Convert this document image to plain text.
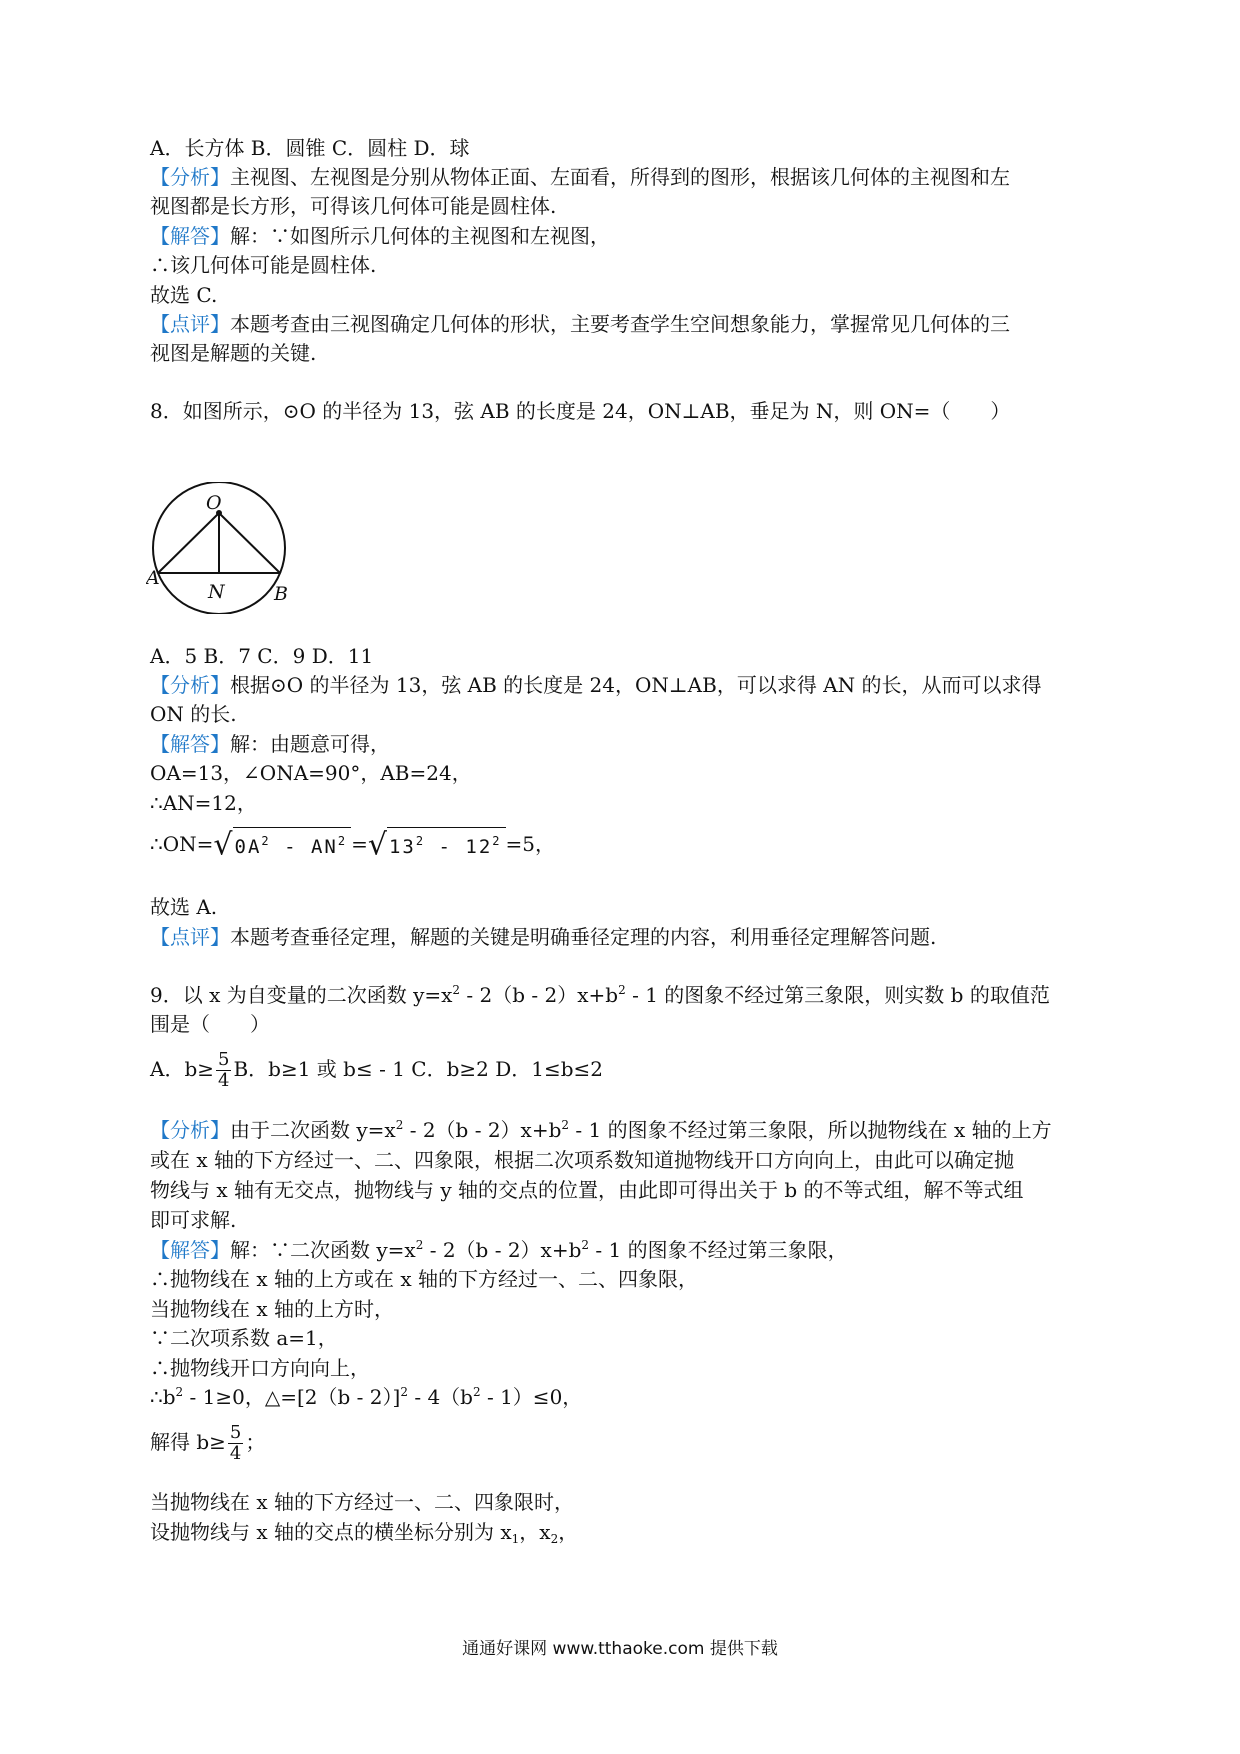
A．长方体 B．圆锥 C．圆柱 D．球
【分析】主视图、左视图是分别从物体正面、左面看，所得到的图形，根据该几何体的主视图和左
视图都是长方形，可得该几何体可能是圆柱体.
【解答】解：∵如图所示几何体的主视图和左视图，
∴该几何体可能是圆柱体.
故选 C.
【点评】本题考查由三视图确定几何体的形状，主要考查学生空间想象能力，掌握常见几何体的三
视图是解题的关键.
8．如图所示，⊙O 的半径为 13，弦 AB 的长度是 24，ON⊥AB，垂足为 N，则 ON=（　　）
O
A
N	B
A．5 B．7 C．9 D．11
【分析】根据⊙O 的半径为 13，弦 AB 的长度是 24，ON⊥AB，可以求得 AN 的长，从而可以求得
ON 的长.
【解答】解：由题意可得，
OA=13，∠ONA=90°，AB=24，
∴AN=12，
∴ON=√ $0A^2 - AN^2$ =√ $13^2 - 12^2 =5$，
故选 A.
【点评】本题考查垂径定理，解题的关键是明确垂径定理的内容，利用垂径定理解答问题.
9．以 x 为自变量的二次函数 $y=x^2 - 2(b - 2)x+b^2 - 1$ 的图象不经过第三象限，则实数 b 的取值范
围是（　　）
A．$b\ge \frac{5}{4}$ B．b≥1 或 b≤ - 1 C．b≥2 D．1≤b≤2
【分析】由于二次函数 $y=x^2 - 2(b - 2)x+b^2 - 1$ 的图象不经过第三象限，所以抛物线在 x 轴的上方
或在 x 轴的下方经过一、二、四象限，根据二次项系数知道抛物线开口方向向上，由此可以确定抛
物线与 x 轴有无交点，抛物线与 y 轴的交点的位置，由此即可得出关于 b 的不等式组，解不等式组
即可求解.
【解答】解：∵二次函数 $y=x^2 - 2(b - 2)x+b^2 - 1$ 的图象不经过第三象限，
∴抛物线在 x 轴的上方或在 x 轴的下方经过一、二、四象限，
当抛物线在 x 轴的上方时，
∵二次项系数 a=1，
∴抛物线开口方向向上，
$\therefore b^2 - 1\ge 0$，△=[2（b - $2)]^2 - 4(b^2 - 1)\le 0$，
解得 $b\ge \frac{5}{4}$ ；
当抛物线在 x 轴的下方经过一、二、四象限时，
设抛物线与 x 轴的交点的横坐标分别为 $x_1$，$x_2$，
通通好课网 www.tthaoke.com 提供下载
